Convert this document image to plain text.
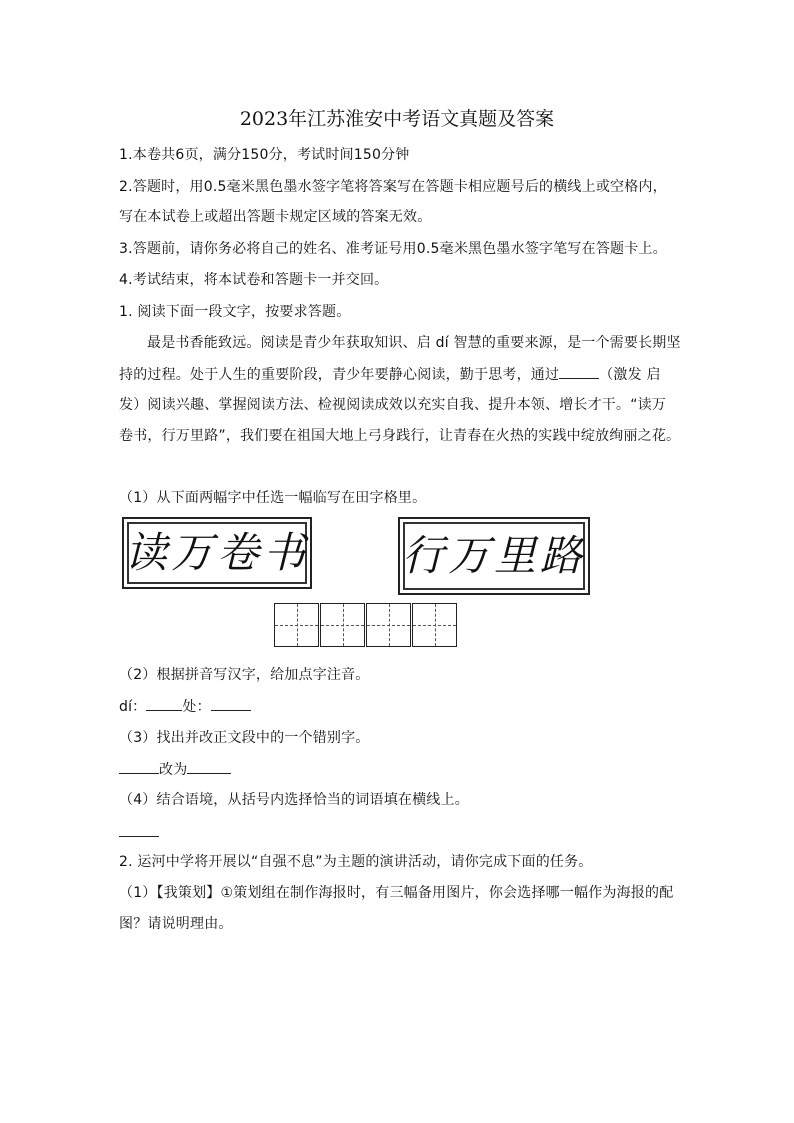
2023年江苏淮安中考语文真题及答案
1.本卷共6页，满分150分，考试时间150分钟
2.答题时，用0.5毫米黑色墨水签字笔将答案写在答题卡相应题号后的横线上或空格内，
写在本试卷上或超出答题卡规定区域的答案无效。
3.答题前，请你务必将自己的姓名、准考证号用0.5毫米黑色墨水签字笔写在答题卡上。
4.考试结束，将本试卷和答题卡一并交回。
1. 阅读下面一段文字，按要求答题。
最是书香能致远。阅读是青少年获取知识、启 dí 智慧的重要来源，是一个需要长期坚
持的过程。处于人生的重要阶段，青少年要静心阅读，勤于思考，通过	（激发 启
发）阅读兴趣、掌握阅读方法、检视阅读成效以充实自我、提升本领、增长才干。“读万
卷书，行万里路”，我们要在祖国大地上弓身践行，让青春在火热的实践中绽放绚丽之花。
（1）从下面两幅字中任选一幅临写在田字格里。
读万卷书 行万里路
（2）根据拼音写汉字，给加点字注音。
dí：	处：
（3）找出并改正文段中的一个错别字。
改为
（4）结合语境，从括号内选择恰当的词语填在横线上。
2. 运河中学将开展以“自强不息”为主题的演讲活动，请你完成下面的任务。
（1）【我策划】①策划组在制作海报时，有三幅备用图片，你会选择哪一幅作为海报的配
图？请说明理由。
